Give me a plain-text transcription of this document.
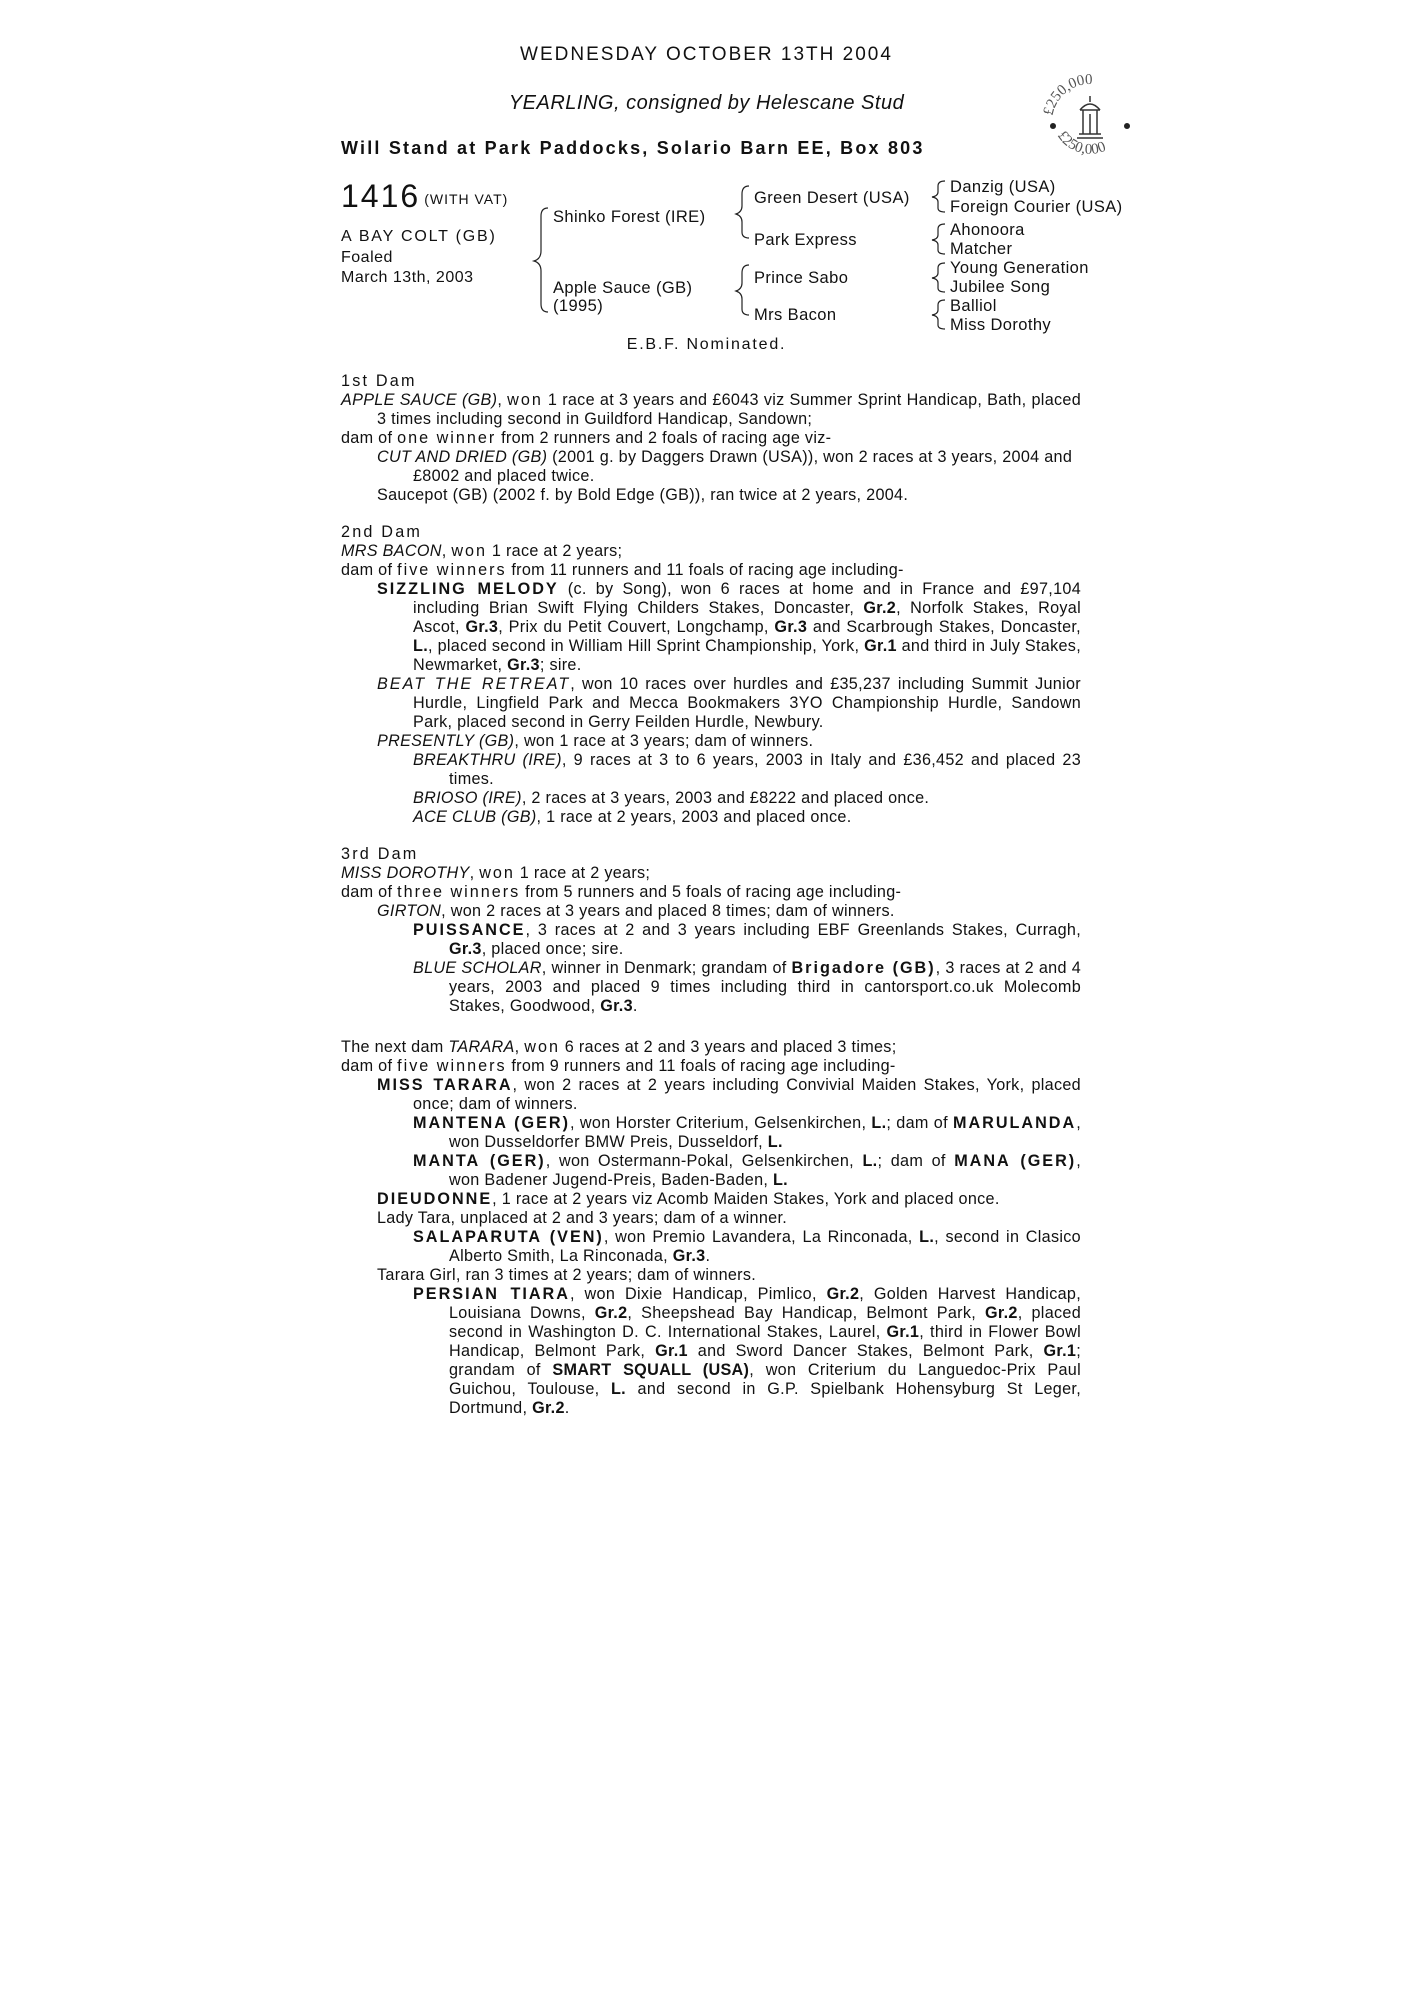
WEDNESDAY OCTOBER 13TH 2004
YEARLING, consigned by Helescane Stud
Will Stand at Park Paddocks, Solario Barn EE, Box 803
£250,000
£250,000
1416 (WITH VAT)
A BAY COLT (GB)
Foaled
March 13th, 2003
Shinko Forest (IRE)
Apple Sauce (GB)
(1995)
Green Desert (USA)
Park Express
Prince Sabo
Mrs Bacon
Danzig (USA)
Foreign Courier (USA)
Ahonoora
Matcher
Young Generation
Jubilee Song
Balliol
Miss Dorothy
E.B.F. Nominated.
1st Dam
APPLE SAUCE (GB), won 1 race at 3 years and £6043 viz Summer Sprint Handicap, Bath, placed 3 times including second in Guildford Handicap, Sandown;
dam of one winner from 2 runners and 2 foals of racing age viz-
CUT AND DRIED (GB) (2001 g. by Daggers Drawn (USA)), won 2 races at 3 years, 2004 and £8002 and placed twice.
Saucepot (GB) (2002 f. by Bold Edge (GB)), ran twice at 2 years, 2004.
2nd Dam
MRS BACON, won 1 race at 2 years;
dam of five winners from 11 runners and 11 foals of racing age including-
SIZZLING MELODY (c. by Song), won 6 races at home and in France and £97,104 including Brian Swift Flying Childers Stakes, Doncaster, Gr.2, Norfolk Stakes, Royal Ascot, Gr.3, Prix du Petit Couvert, Longchamp, Gr.3 and Scarbrough Stakes, Doncaster, L., placed second in William Hill Sprint Championship, York, Gr.1 and third in July Stakes, Newmarket, Gr.3; sire.
BEAT THE RETREAT, won 10 races over hurdles and £35,237 including Summit Junior Hurdle, Lingfield Park and Mecca Bookmakers 3YO Championship Hurdle, Sandown Park, placed second in Gerry Feilden Hurdle, Newbury.
PRESENTLY (GB), won 1 race at 3 years; dam of winners.
BREAKTHRU (IRE), 9 races at 3 to 6 years, 2003 in Italy and £36,452 and placed 23 times.
BRIOSO (IRE), 2 races at 3 years, 2003 and £8222 and placed once.
ACE CLUB (GB), 1 race at 2 years, 2003 and placed once.
3rd Dam
MISS DOROTHY, won 1 race at 2 years;
dam of three winners from 5 runners and 5 foals of racing age including-
GIRTON, won 2 races at 3 years and placed 8 times; dam of winners.
PUISSANCE, 3 races at 2 and 3 years including EBF Greenlands Stakes, Curragh, Gr.3, placed once; sire.
BLUE SCHOLAR, winner in Denmark; grandam of Brigadore (GB), 3 races at 2 and 4 years, 2003 and placed 9 times including third in cantorsport.co.uk Molecomb Stakes, Goodwood, Gr.3.
The next dam TARARA, won 6 races at 2 and 3 years and placed 3 times;
dam of five winners from 9 runners and 11 foals of racing age including-
MISS TARARA, won 2 races at 2 years including Convivial Maiden Stakes, York, placed once; dam of winners.
MANTENA (GER), won Horster Criterium, Gelsenkirchen, L.; dam of MARULANDA, won Dusseldorfer BMW Preis, Dusseldorf, L.
MANTA (GER), won Ostermann-Pokal, Gelsenkirchen, L.; dam of MANA (GER), won Badener Jugend-Preis, Baden-Baden, L.
DIEUDONNE, 1 race at 2 years viz Acomb Maiden Stakes, York and placed once.
Lady Tara, unplaced at 2 and 3 years; dam of a winner.
SALAPARUTA (VEN), won Premio Lavandera, La Rinconada, L., second in Clasico Alberto Smith, La Rinconada, Gr.3.
Tarara Girl, ran 3 times at 2 years; dam of winners.
PERSIAN TIARA, won Dixie Handicap, Pimlico, Gr.2, Golden Harvest Handicap, Louisiana Downs, Gr.2, Sheepshead Bay Handicap, Belmont Park, Gr.2, placed second in Washington D. C. International Stakes, Laurel, Gr.1, third in Flower Bowl Handicap, Belmont Park, Gr.1 and Sword Dancer Stakes, Belmont Park, Gr.1; grandam of SMART SQUALL (USA), won Criterium du Languedoc-Prix Paul Guichou, Toulouse, L. and second in G.P. Spielbank Hohensyburg St Leger, Dortmund, Gr.2.
